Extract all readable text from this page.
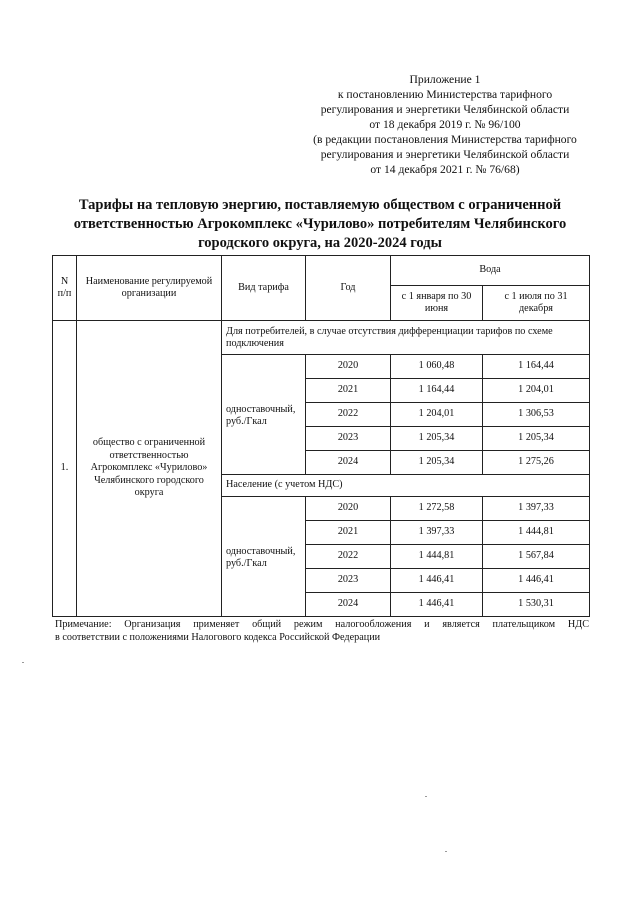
Приложение 1
к постановлению Министерства тарифного
регулирования и энергетики Челябинской области
от 18 декабря 2019 г. № 96/100
(в редакции постановления Министерства тарифного
регулирования и энергетики Челябинской области
от 14 декабря 2021 г. № 76/68)
Тарифы на тепловую энергию, поставляемую обществом с ограниченной
ответственностью Агрокомплекс «Чурилово» потребителям Челябинского
городского округа, на 2020-2024 годы
N п/п	Наименование регулируемой организации	Вид тарифа	Год	Вода	
				с 1 января по 30 июня	с 1 июля по 31 декабря
1.	общество с ограниченной ответственностью Агрокомплекс «Чурилово» Челябинского городского округа	Для потребителей, в случае отсутствия дифференциации тарифов по схеме подключения			
		одноставочный, руб./Гкал	2020	1 060,48	1 164,44
			2021	1 164,44	1 204,01
			2022	1 204,01	1 306,53
			2023	1 205,34	1 205,34
			2024	1 205,34	1 275,26
		Население (с учетом НДС)			
		одноставочный, руб./Гкал	2020	1 272,58	1 397,33
			2021	1 397,33	1 444,81
			2022	1 444,81	1 567,84
			2023	1 446,41	1 446,41
			2024	1 446,41	1 530,31
Примечание: Организация применяет общий режим налогообложения и является плательщиком НДС
в соответствии с положениями Налогового кодекса Российской Федерации
